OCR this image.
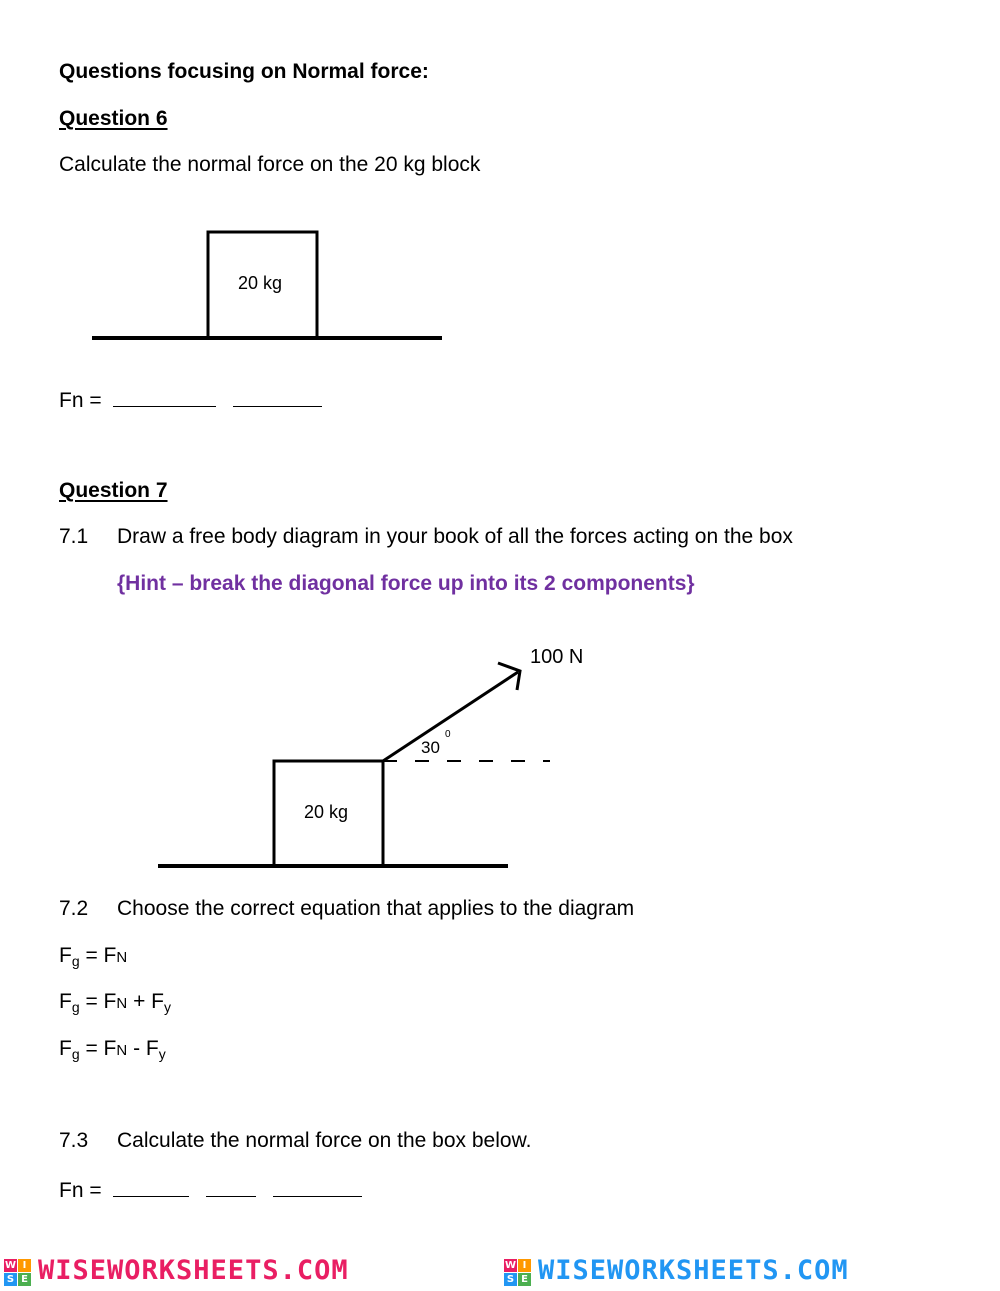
Questions focusing on Normal force:

Question 6

Calculate the normal force on the 20 kg block

20 kg

Fn =

Question 7

7.1 Draw a free body diagram in your book of all the forces acting on the box

{Hint – break the diagonal force up into its 2 components}

20 kg
100 N
30
0

7.2 Choose the correct equation that applies to the diagram

$F_g$ = FN

$F_g$ = FN + $F_y$

$F_g$ = FN - $F_y$

7.3 Calculate the normal force on the box below.

Fn =

W I
S E WISEWORKSHEETS.COM	W I
S E WISEWORKSHEETS.COM
